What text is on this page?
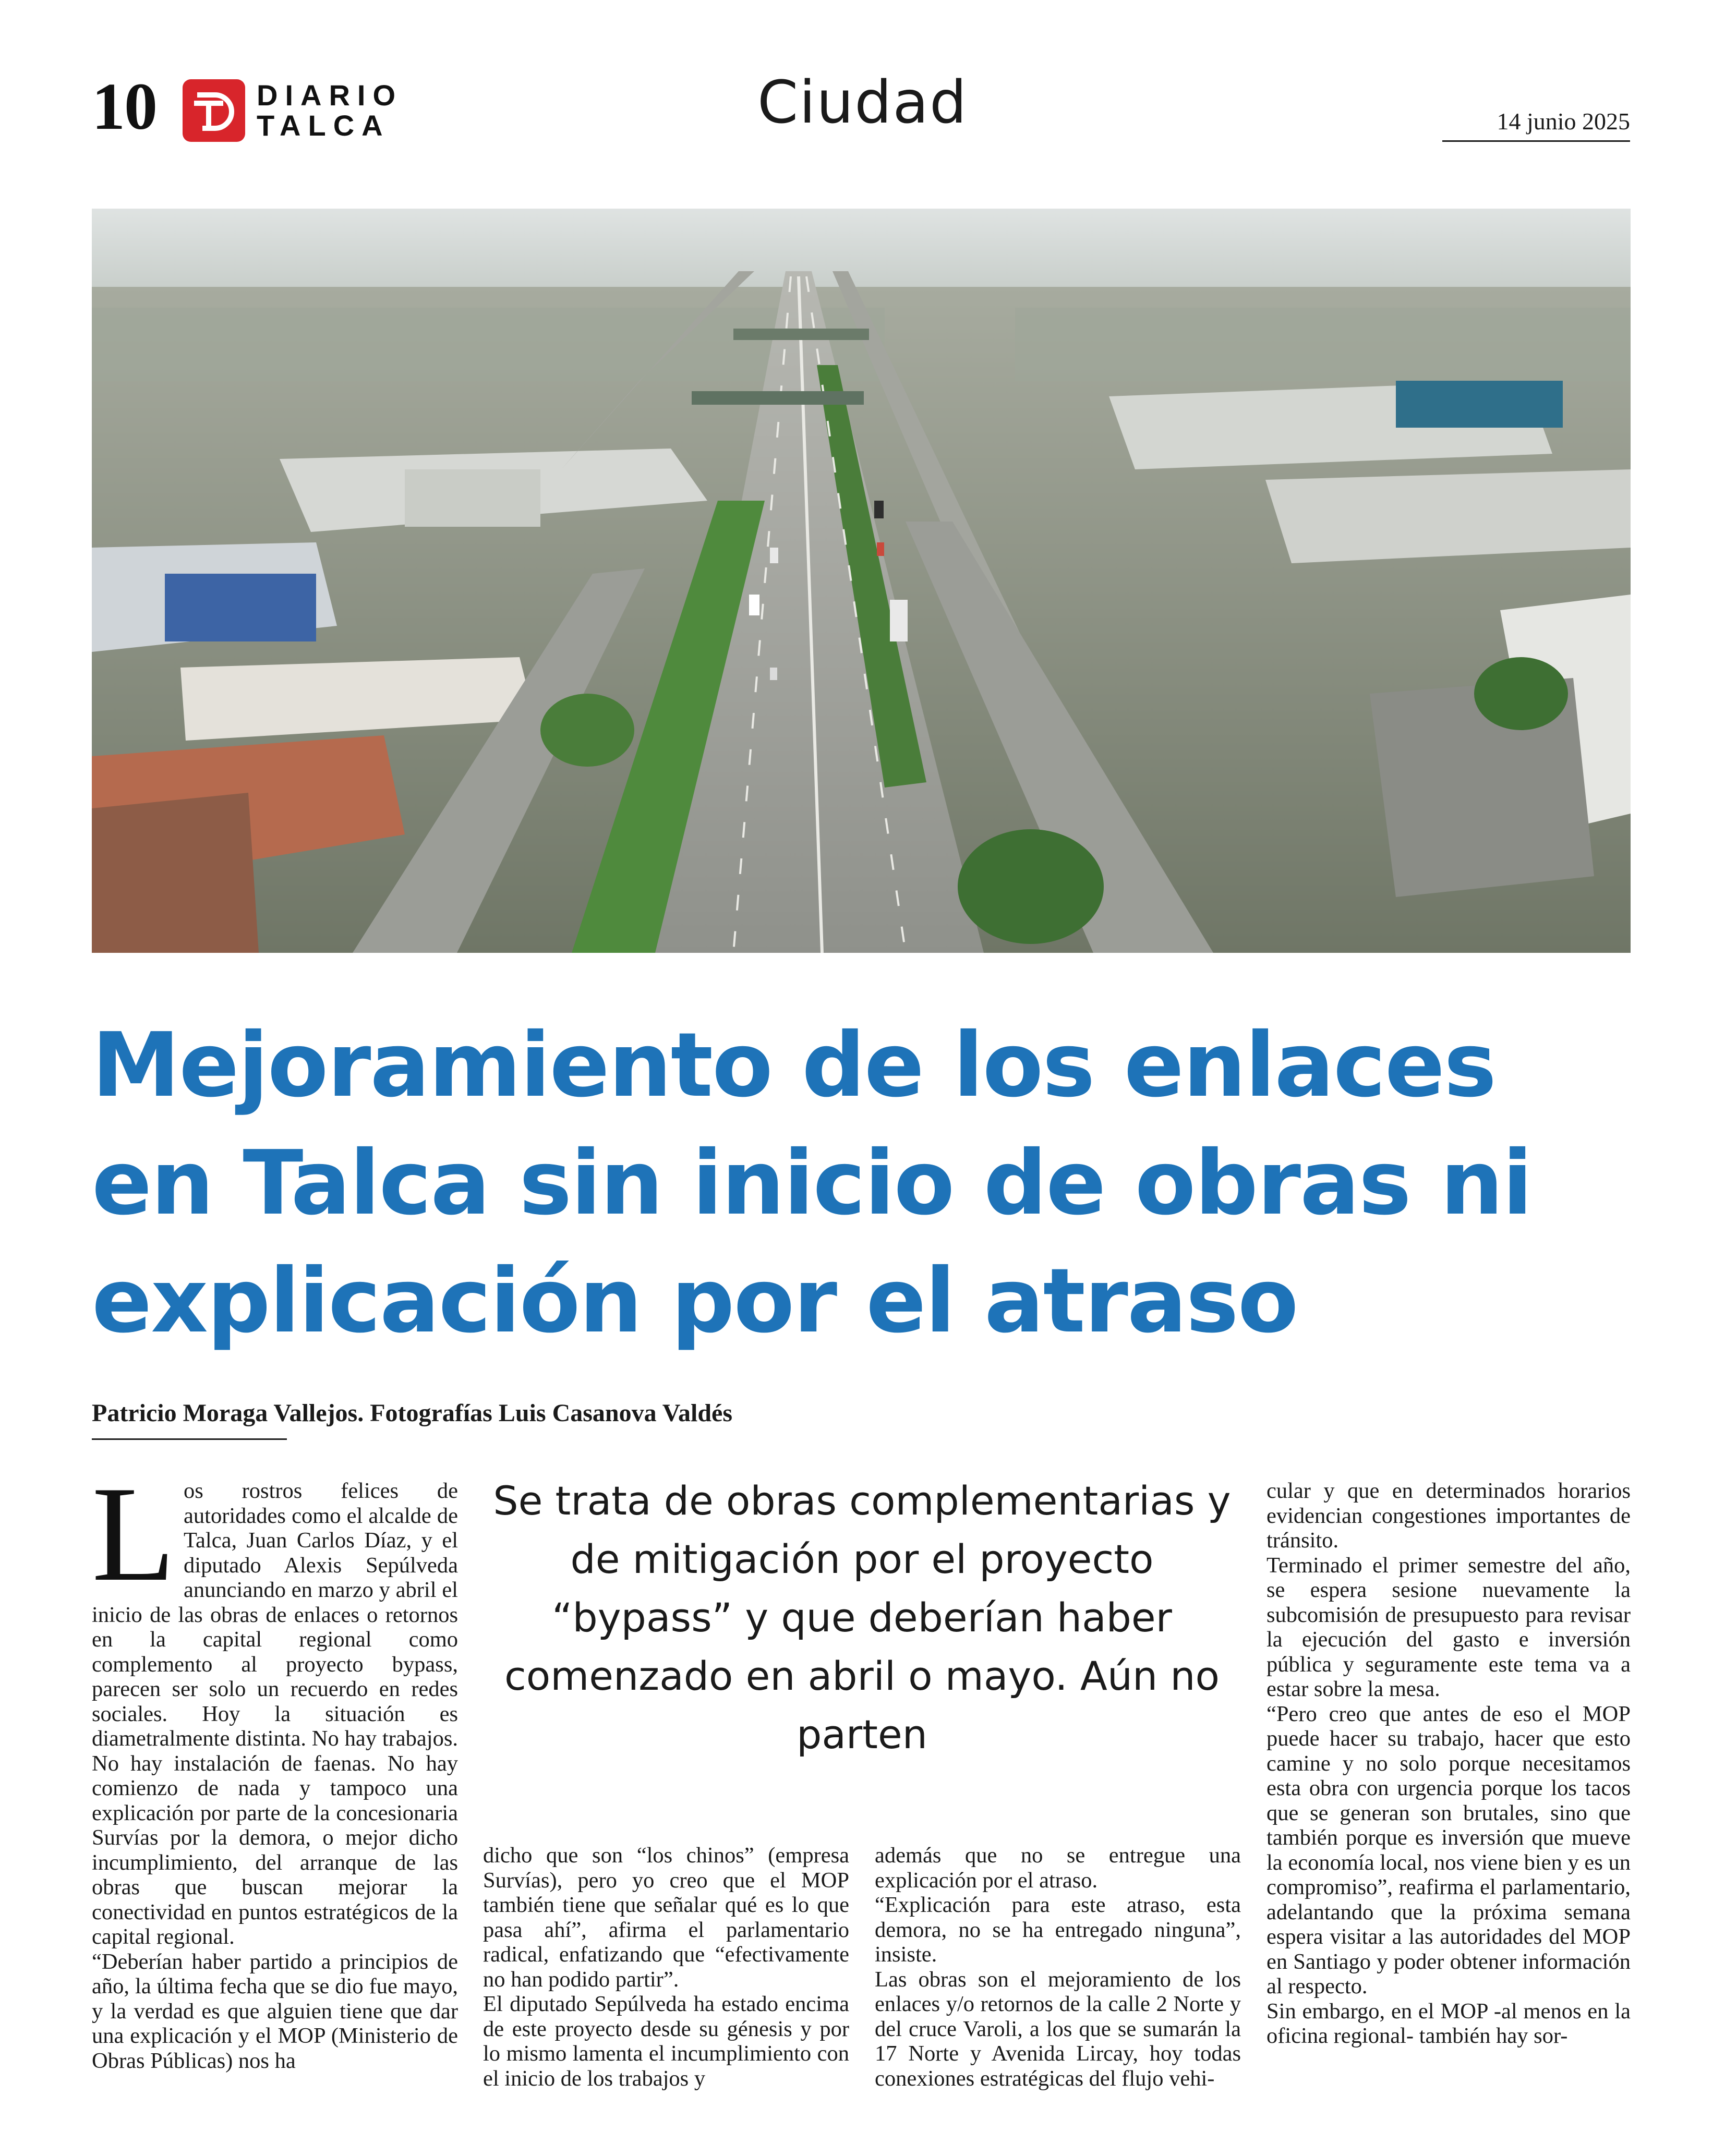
10	DIARIO
TALCA	Ciudad	14 junio 2025
Mejoramiento de los enlaces en Talca sin inicio de obras ni explicación por el atraso
Patricio Moraga Vallejos. Fotografías Luis Casanova Valdés
L os rostros felices de autoridades como el alcalde de Talca, Juan Carlos Díaz, y el diputado Alexis Sepúlveda anunciando en marzo y abril el inicio de las obras de enlaces o retornos en la capital regional como complemento al proyecto bypass, parecen ser solo un recuerdo en redes sociales. Hoy la situación es diametralmente distinta. No hay trabajos. No hay instalación de faenas. No hay comienzo de nada y tampoco una explicación por parte de la concesionaria Survías por la demora, o mejor dicho incumplimiento, del arranque de las obras que buscan mejorar la conectividad en puntos estratégicos de la capital regional.

“Deberían haber partido a principios de año, la última fecha que se dio fue mayo, y la verdad es que alguien tiene que dar una explicación y el MOP (Ministerio de Obras Públicas) nos ha

Se trata de obras complementarias y de mitigación por el proyecto “bypass” y que deberían haber comenzado en abril o mayo. Aún no parten

dicho que son “los chinos” (empresa Survías), pero yo creo que el MOP también tiene que señalar qué es lo que pasa ahí”, afirma el parlamentario radical, enfatizando que “efectivamente no han podido partir”.

El diputado Sepúlveda ha estado encima de este proyecto desde su génesis y por lo mismo lamenta el incumplimiento con el inicio de los trabajos y

además que no se entregue una explicación por el atraso.

“Explicación para este atraso, esta demora, no se ha entregado ninguna”, insiste.

Las obras son el mejoramiento de los enlaces y/o retornos de la calle 2 Norte y del cruce Varoli, a los que se sumarán la 17 Norte y Avenida Lircay, hoy todas conexiones estratégicas del flujo vehi-

cular y que en determinados horarios evidencian congestiones importantes de tránsito.

Terminado el primer semestre del año, se espera sesione nuevamente la subcomisión de presupuesto para revisar la ejecución del gasto e inversión pública y seguramente este tema va a estar sobre la mesa.

“Pero creo que antes de eso el MOP puede hacer su trabajo, hacer que esto camine y no solo porque necesitamos esta obra con urgencia porque los tacos que se generan son brutales, sino que también porque es inversión que mueve la economía local, nos viene bien y es un compromiso”, reafirma el parlamentario, adelantando que la próxima semana espera visitar a las autoridades del MOP en Santiago y poder obtener información al respecto.

Sin embargo, en el MOP -al menos en la oficina regional- también hay sor-
